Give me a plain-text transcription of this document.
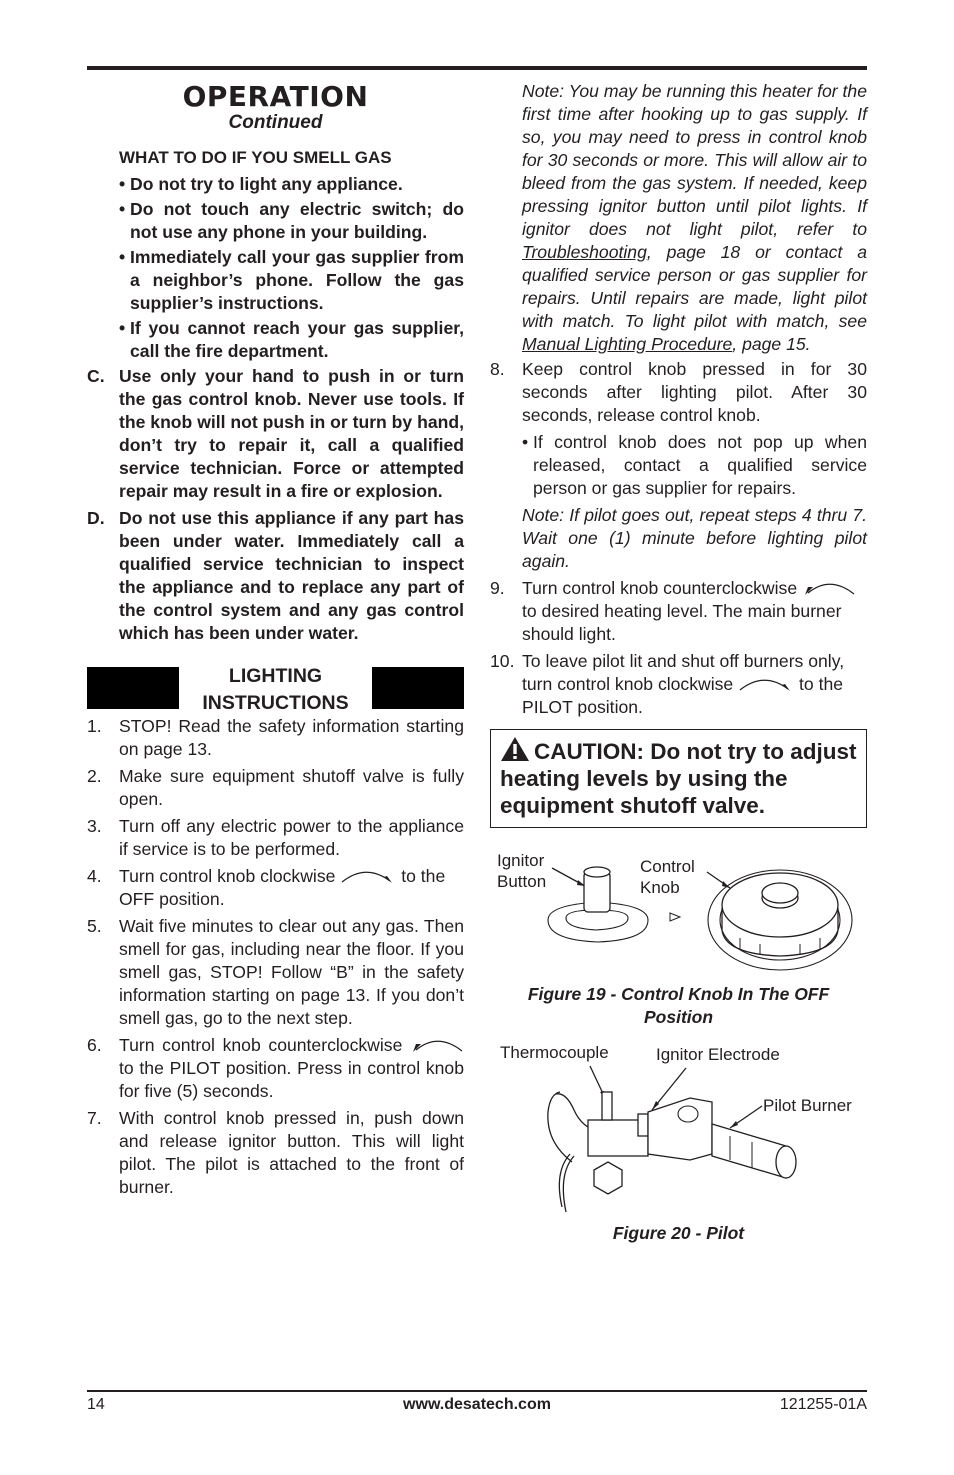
OPERATION
Continued
WHAT TO DO IF YOU SMELL GAS
• Do not try to light any appliance.
• Do not touch any electric switch; do not use any phone in your building.
• Immediately call your gas supplier from a neighbor’s phone. Follow the gas supplier’s instructions.
• If you cannot reach your gas supplier, call the fire department.
C. Use only your hand to push in or turn the gas control knob. Never use tools. If the knob will not push in or turn by hand, don’t try to repair it, call a qualified service technician. Force or attempted repair may result in a fire or explosion.
D. Do not use this appliance if any part has been under water. Immediately call a qualified service technician to inspect the appliance and to replace any part of the control system and any gas control which has been under water.
LIGHTING
INSTRUCTIONS
1. STOP! Read the safety information starting on page 13.
2. Make sure equipment shutoff valve is fully open.
3. Turn off any electric power to the appliance if service is to be performed.
4. Turn control knob clockwise	to the OFF position.
5. Wait five minutes to clear out any gas. Then smell for gas, including near the floor. If you smell gas, STOP! Follow “B” in the safety information starting on page 13. If you don’t smell gas, go to the next step.
6. Turn control knob counterclockwise  to the PILOT position. Press in control knob for five (5) seconds.
7. With control knob pressed in, push down and release ignitor button. This will light pilot. The pilot is attached to the front of burner.
Note: You may be running this heater for the first time after hooking up to gas supply. If so, you may need to press in control knob for 30 seconds or more. This will allow air to bleed from the gas system. If needed, keep pressing ignitor button until pilot lights. If ignitor does not light pilot, refer to Troubleshooting, page 18 or contact a qualified service person or gas supplier for repairs. Until repairs are made, light pilot with match. To light pilot with match, see Manual Lighting Procedure, page 15.
8. Keep control knob pressed in for 30 seconds after lighting pilot. After 30 seconds, release control knob.
• If control knob does not pop up when released, contact a qualified service person or gas supplier for repairs.
Note: If pilot goes out, repeat steps 4 thru 7. Wait one (1) minute before lighting pilot again.
9. Turn control knob counterclockwise  to desired heating level. The main burner should light.
10. To leave pilot lit and shut off burners only, turn control knob clockwise	to the PILOT position.
CAUTION: Do not try to adjust heating levels by using the equipment shutoff valve.
Ignitor
Button
Control
Knob
Figure 19 - Control Knob In The OFF
Position
Thermocouple	Ignitor Electrode
Pilot Burner
Figure 20 - Pilot
14	www.desatech.com	121255-01A
